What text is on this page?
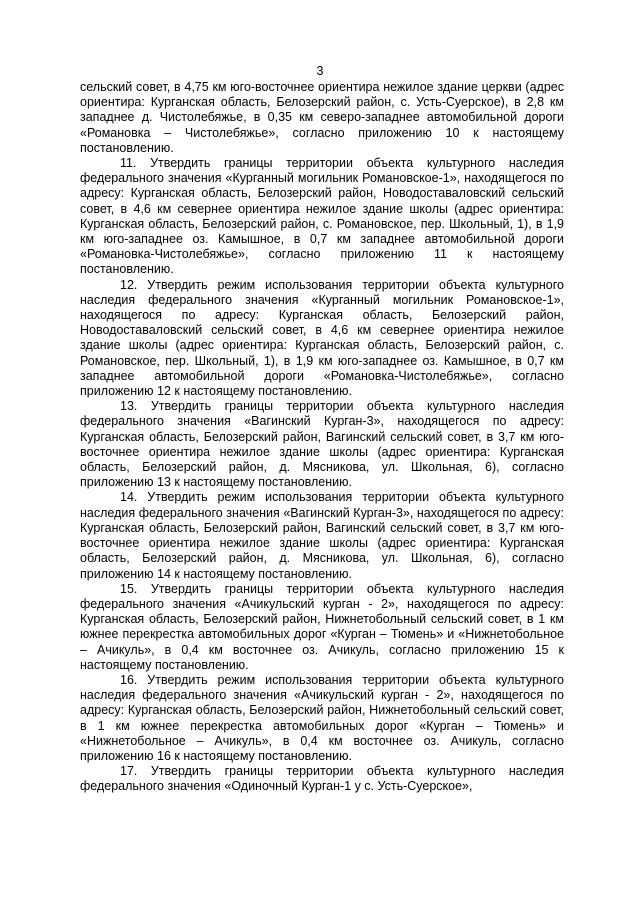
3

сельский совет, в 4,75 км юго-восточнее ориентира нежилое здание церкви (адрес ориентира: Курганская область, Белозерский район, с. Усть-Суерское), в 2,8 км западнее д. Чистолебяжье, в 0,35 км северо-западнее автомобильной дороги «Романовка – Чистолебяжье», согласно приложению 10 к настоящему постановлению.

11. Утвердить границы территории объекта культурного наследия федерального значения «Курганный могильник Романовское-1», находящегося по адресу: Курганская область, Белозерский район, Новодоставаловский сельский совет, в 4,6 км севернее ориентира нежилое здание школы (адрес ориентира: Курганская область, Белозерский район, с. Романовское, пер. Школьный, 1), в 1,9 км юго-западнее оз. Камышное, в 0,7 км западнее автомобильной дороги «Романовка-Чистолебяжье», согласно приложению 11 к настоящему постановлению.

12. Утвердить режим использования территории объекта культурного наследия федерального значения «Курганный могильник Романовское-1», находящегося по адресу: Курганская область, Белозерский район, Новодоставаловский сельский совет, в 4,6 км севернее ориентира нежилое здание школы (адрес ориентира: Курганская область, Белозерский район, с. Романовское, пер. Школьный, 1), в 1,9 км юго-западнее оз. Камышное, в 0,7 км западнее автомобильной дороги «Романовка-Чистолебяжье», согласно приложению 12 к настоящему постановлению.

13. Утвердить границы территории объекта культурного наследия федерального значения «Вагинский Курган-3», находящегося по адресу: Курганская область, Белозерский район, Вагинский сельский совет, в 3,7 км юго-восточнее ориентира нежилое здание школы (адрес ориентира: Курганская область, Белозерский район, д. Мясникова, ул. Школьная, 6), согласно приложению 13 к настоящему постановлению.

14. Утвердить режим использования территории объекта культурного наследия федерального значения «Вагинский Курган-3», находящегося по адресу: Курганская область, Белозерский район, Вагинский сельский совет, в 3,7 км юго-восточнее ориентира нежилое здание школы (адрес ориентира: Курганская область, Белозерский район, д. Мясникова, ул. Школьная, 6), согласно приложению 14 к настоящему постановлению.

15. Утвердить границы территории объекта культурного наследия федерального значения «Ачикульский курган - 2», находящегося по адресу: Курганская область, Белозерский район, Нижнетобольный сельский совет, в 1 км южнее перекрестка автомобильных дорог «Курган – Тюмень» и «Нижнетобольное – Ачикуль», в 0,4 км восточнее оз. Ачикуль, согласно приложению 15 к настоящему постановлению.

16. Утвердить режим использования территории объекта культурного наследия федерального значения «Ачикульский курган - 2», находящегося по адресу: Курганская область, Белозерский район, Нижнетобольный сельский совет, в 1 км южнее перекрестка автомобильных дорог «Курган – Тюмень» и «Нижнетобольное – Ачикуль», в 0,4 км восточнее оз. Ачикуль, согласно приложению 16 к настоящему постановлению.

17. Утвердить границы территории объекта культурного наследия федерального значения «Одиночный Курган-1 у с. Усть-Суерское»,
